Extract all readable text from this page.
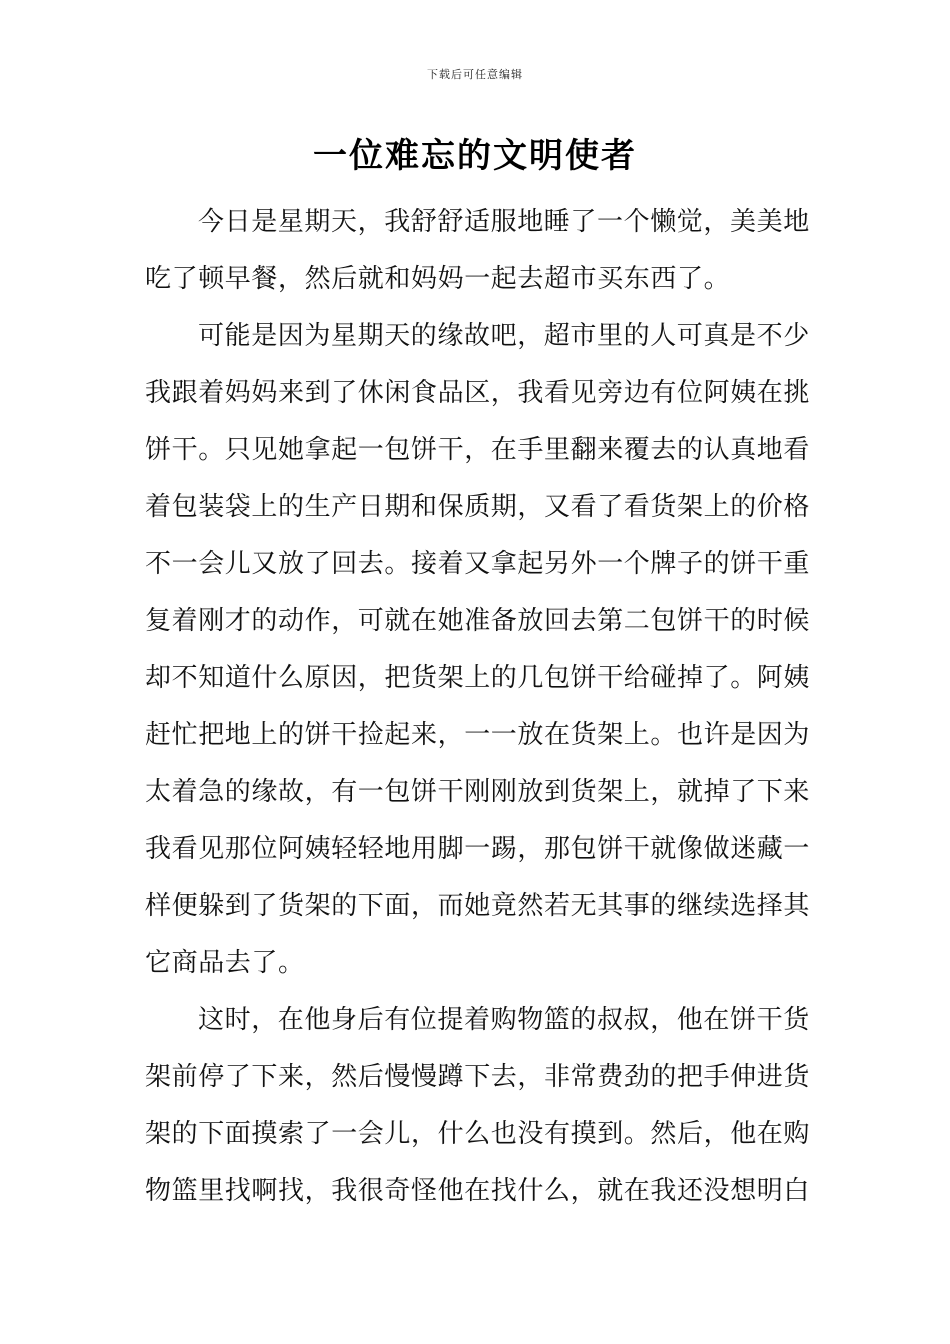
下载后可任意编辑
一位难忘的文明使者
今日是星期天，我舒舒适服地睡了一个懒觉，美美地
吃了顿早餐，然后就和妈妈一起去超市买东西了。
可能是因为星期天的缘故吧，超市里的人可真是不少
我跟着妈妈来到了休闲食品区，我看见旁边有位阿姨在挑
饼干。只见她拿起一包饼干，在手里翻来覆去的认真地看
着包装袋上的生产日期和保质期，又看了看货架上的价格
不一会儿又放了回去。接着又拿起另外一个牌子的饼干重
复着刚才的动作，可就在她准备放回去第二包饼干的时候
却不知道什么原因，把货架上的几包饼干给碰掉了。阿姨
赶忙把地上的饼干捡起来，一一放在货架上。也许是因为
太着急的缘故，有一包饼干刚刚放到货架上，就掉了下来
我看见那位阿姨轻轻地用脚一踢，那包饼干就像做迷藏一
样便躲到了货架的下面，而她竟然若无其事的继续选择其
它商品去了。
这时，在他身后有位提着购物篮的叔叔，他在饼干货
架前停了下来，然后慢慢蹲下去，非常费劲的把手伸进货
架的下面摸索了一会儿，什么也没有摸到。然后，他在购
物篮里找啊找，我很奇怪他在找什么，就在我还没想明白
